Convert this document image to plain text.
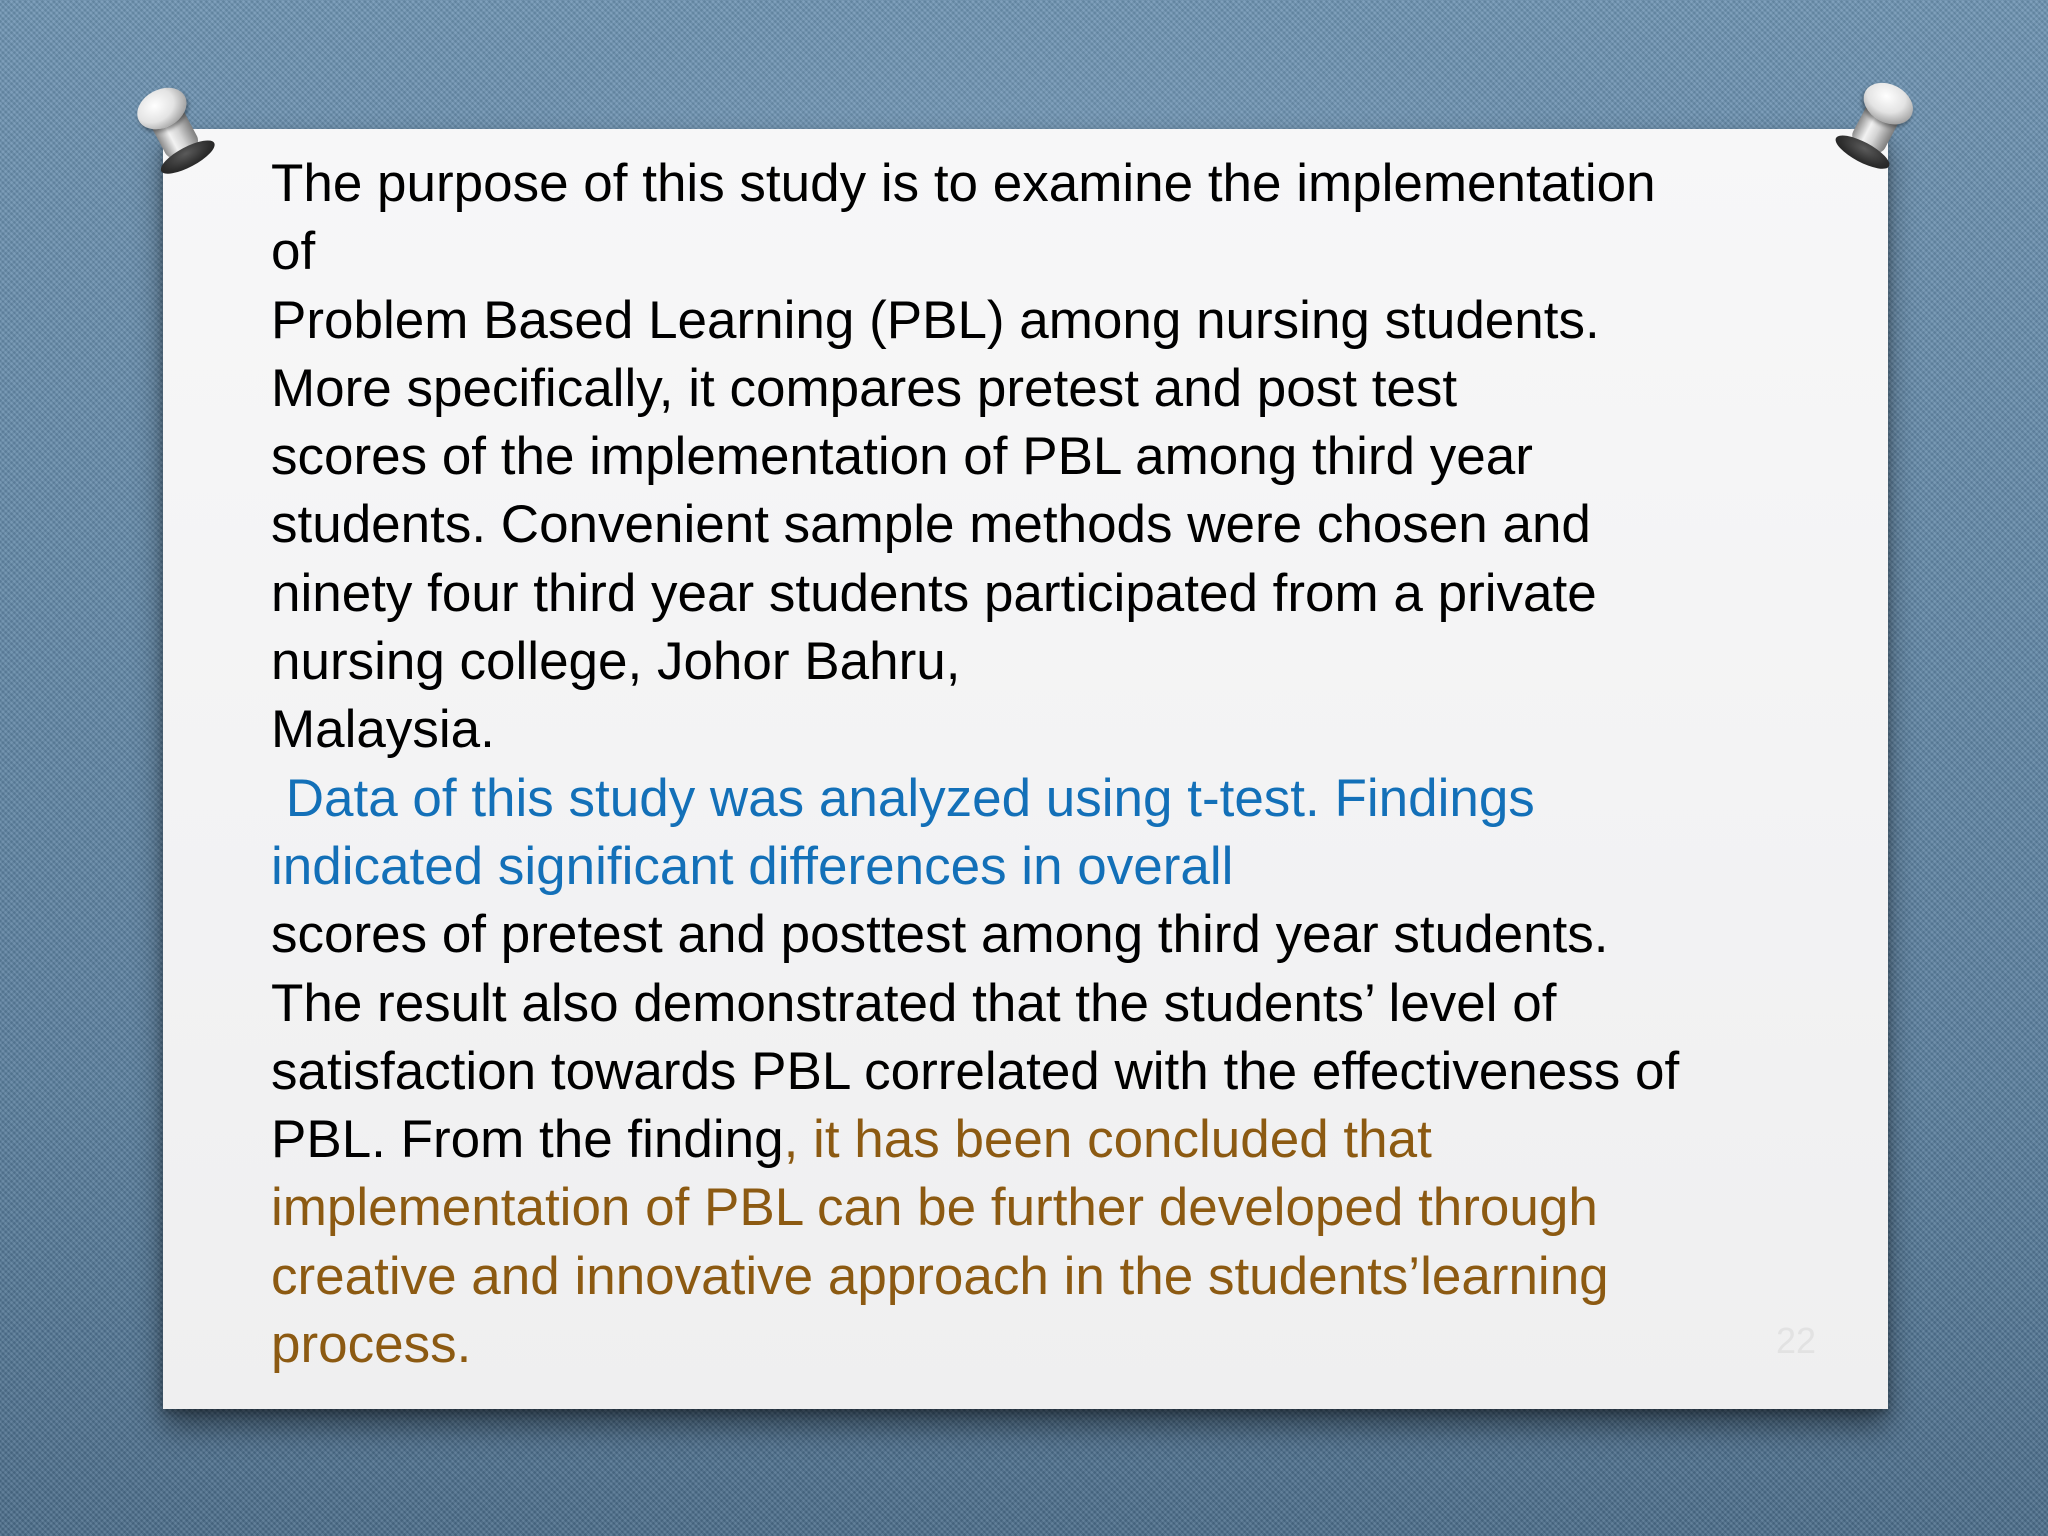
The purpose of this study is to examine the implementation
of
Problem Based Learning (PBL) among nursing students.
More specifically, it compares pretest and post test
scores of the implementation of PBL among third year
students. Convenient sample methods were chosen and
ninety four third year students participated from a private
nursing college, Johor Bahru,
Malaysia.
Data of this study was analyzed using t-test. Findings
indicated significant differences in overall
scores of pretest and posttest among third year students.
The result also demonstrated that the students’ level of
satisfaction towards PBL correlated with the effectiveness of
PBL. From the finding, it has been concluded that
implementation of PBL can be further developed through
creative and innovative approach in the students’learning
process.	22
